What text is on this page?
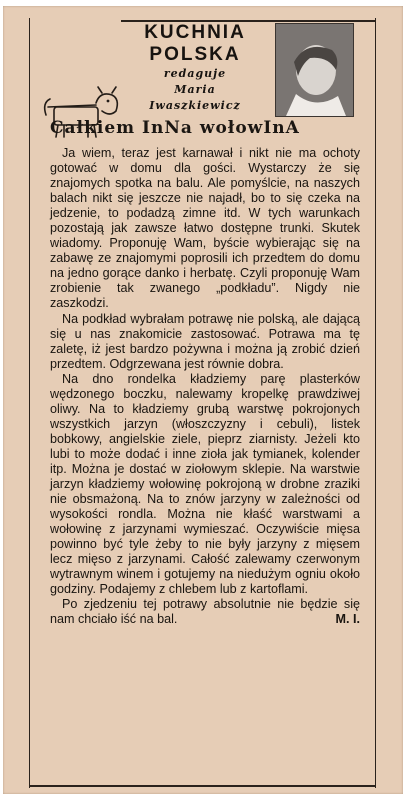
KUCHNIA
POLSKA
redaguje
Maria
Iwaszkiewicz
Całkiem InNa wołowInA

Ja wiem, teraz jest karnawał i nikt nie ma ochoty gotować w domu dla gości. Wystarczy że się znajomych spotka na balu. Ale pomyślcie, na naszych balach nikt się jeszcze nie najadł, bo to się czeka na jedzenie, to podadzą zimne itd. W tych warunkach pozostają jak zawsze łatwo dostępne trunki. Skutek wiadomy. Proponuję Wam, byście wybierając się na zabawę ze znajomymi poprosili ich przedtem do domu na jedno gorące danko i herbatę. Czyli proponuję Wam zrobienie tak zwanego „podkładu”. Nigdy nie zaszkodzi.

Na podkład wybrałam potrawę nie polską, ale dającą się u nas znakomicie zastosować. Potrawa ma tę zaletę, iż jest bardzo pożywna i można ją zrobić dzień przedtem. Odgrzewana jest równie dobra.

Na dno rondelka kładziemy parę plasterków wędzonego boczku, nalewamy kropelkę prawdziwej oliwy. Na to kładziemy grubą warstwę pokrojonych wszystkich jarzyn (włoszczyzny i cebuli), listek bobkowy, angielskie ziele, pieprz ziarnisty. Jeżeli kto lubi to może dodać i inne zioła jak tymianek, kolender itp. Można je dostać w ziołowym sklepie. Na warstwie jarzyn kładziemy wołowinę pokrojoną w drobne zraziki nie obsmażoną. Na to znów jarzyny w zależności od wysokości rondla. Można nie kłaść warstwami a wołowinę z jarzynami wymieszać. Oczywiście mięsa powinno być tyle żeby to nie były jarzyny z mięsem lecz mięso z jarzynami. Całość zalewamy czerwonym wytrawnym winem i gotujemy na niedużym ogniu około godziny. Podajemy z chlebem lub z kartoflami.

Po zjedzeniu tej potrawy absolutnie nie będzie się nam chciało iść na bal.	M. I.
